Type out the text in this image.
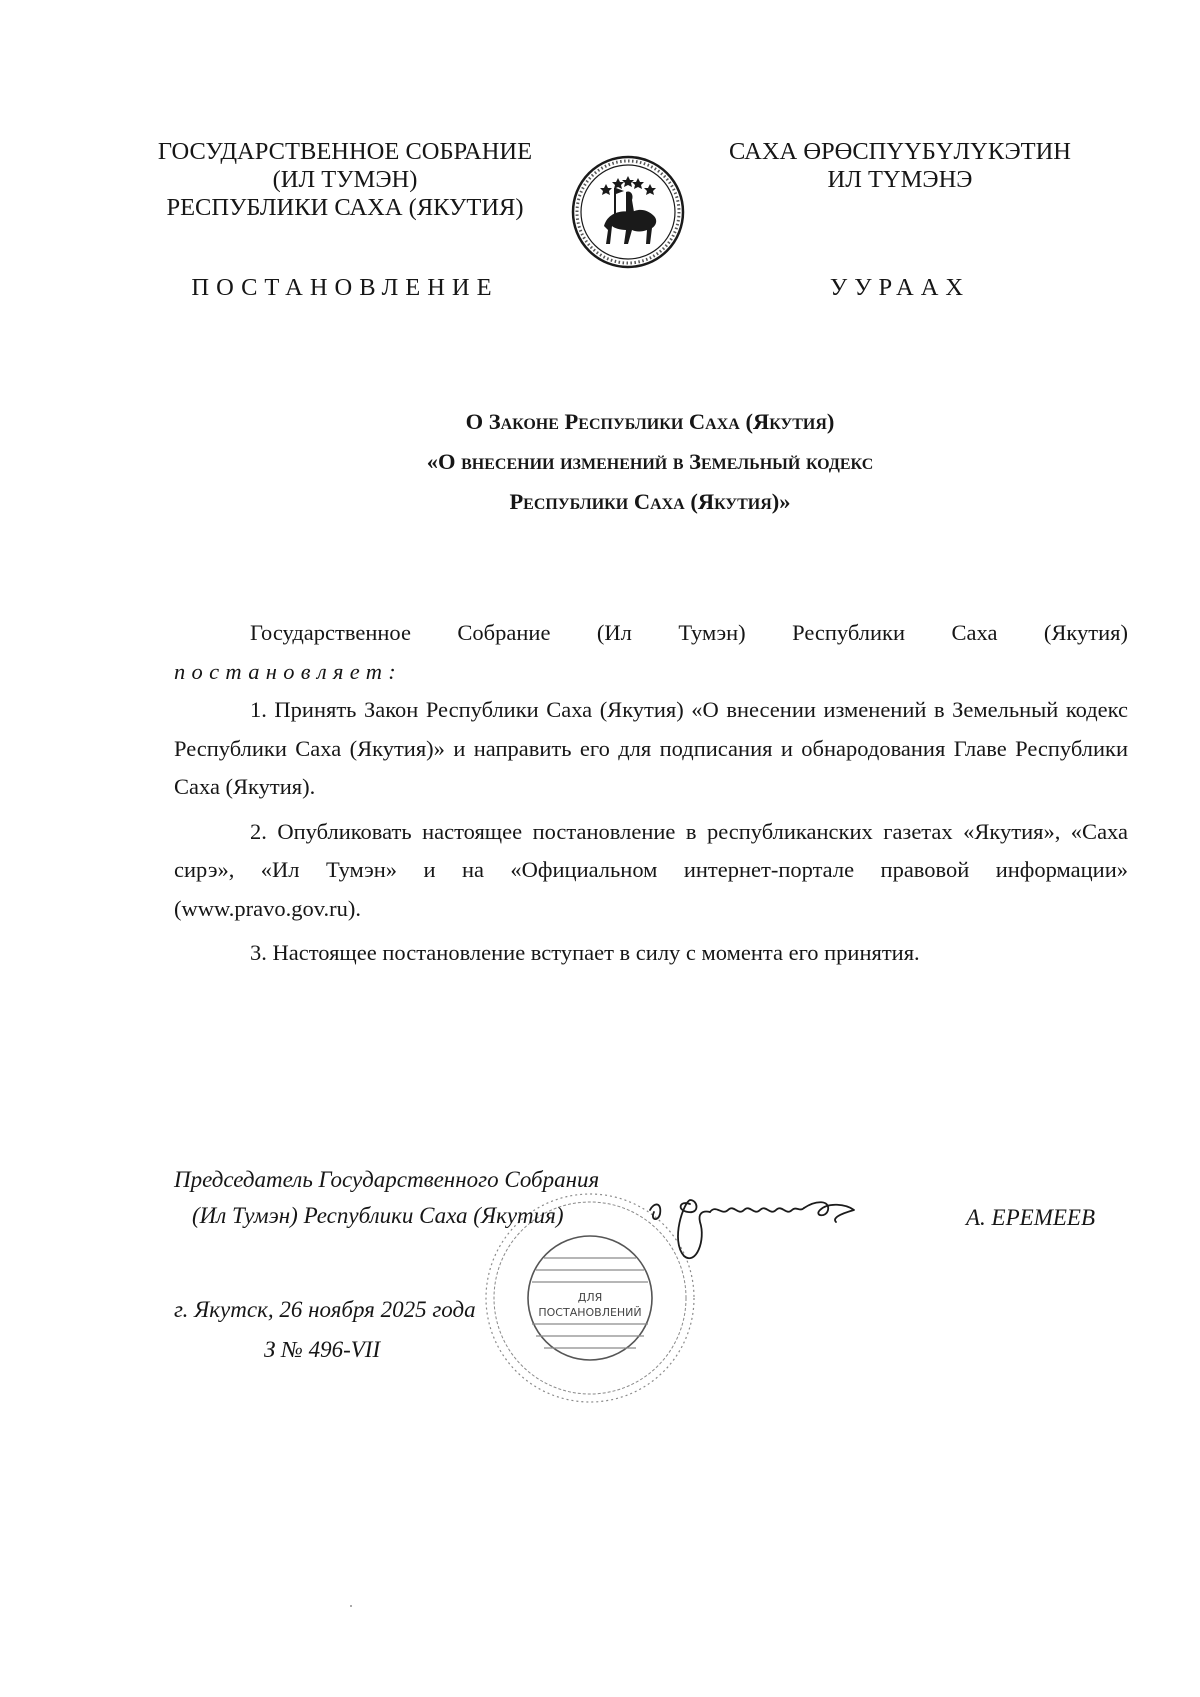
ГОСУДАРСТВЕННОЕ СОБРАНИЕ
(ИЛ ТУМЭН)
РЕСПУБЛИКИ САХА (ЯКУТИЯ)
САХА ӨРӨСПҮҮБҮЛҮКЭТИН
ИЛ ТҮМЭНЭ
ПОСТАНОВЛЕНИЕ	УУРААХ
О Законе Республики Саха (Якутия)
«О внесении изменений в Земельный кодекс
Республики Саха (Якутия)»

Государственное Собрание (Ил Тумэн) Республики Саха (Якутия)

постановляет:

1. Принять Закон Республики Саха (Якутия) «О внесении изменений в Земельный кодекс Республики Саха (Якутия)» и направить его для подписания и обнародования Главе Республики Саха (Якутия).

2. Опубликовать настоящее постановление в республиканских газетах «Якутия», «Саха сирэ», «Ил Тумэн» и на «Официальном интернет-портале правовой информации» (www.pravo.gov.ru).

3. Настоящее постановление вступает в силу с момента его принятия.

ДЛЯ
ПОСТАНОВЛЕНИЙ
Председатель Государственного Собрания
(Ил Тумэн) Республики Саха (Якутия)	А. ЕРЕМЕЕВ
г. Якутск, 26 ноября 2025 года
З № 496-VII
